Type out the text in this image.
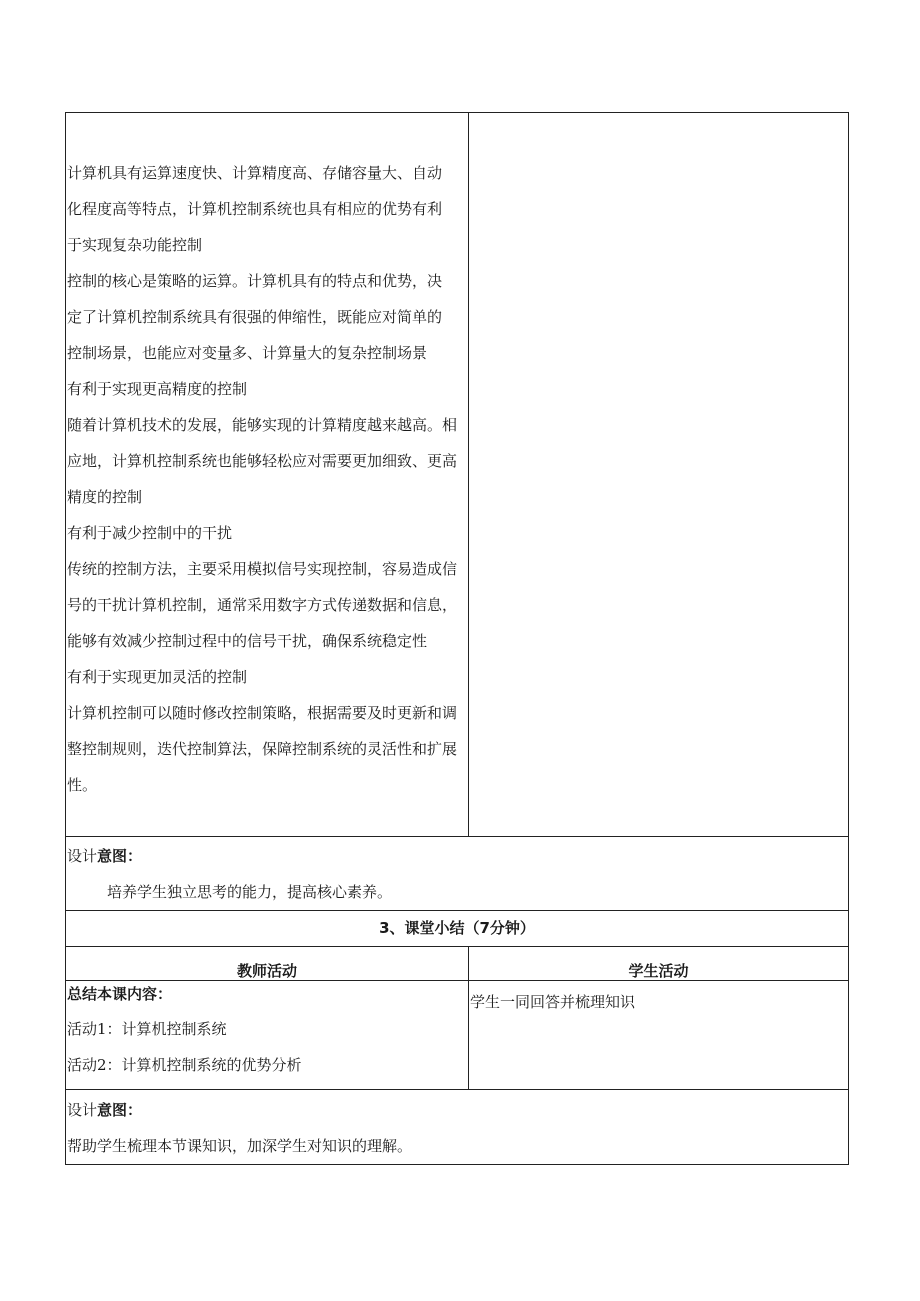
计算机具有运算速度快、计算精度高、存储容量大、自动
化程度高等特点，计算机控制系统也具有相应的优势有利
于实现复杂功能控制
控制的核心是策略的运算。计算机具有的特点和优势，决
定了计算机控制系统具有很强的伸缩性，既能应对简单的
控制场景，也能应对变量多、计算量大的复杂控制场景
有利于实现更高精度的控制
随着计算机技术的发展，能够实现的计算精度越来越高。相
应地，计算机控制系统也能够轻松应对需要更加细致、更高
精度的控制
有利于减少控制中的干扰
传统的控制方法，主要采用模拟信号实现控制，容易造成信
号的干扰计算机控制，通常采用数字方式传递数据和信息，
能够有效减少控制过程中的信号干扰，确保系统稳定性
有利于实现更加灵活的控制
计算机控制可以随时修改控制策略，根据需要及时更新和调
整控制规则，迭代控制算法，保障控制系统的灵活性和扩展
性。
设计意图：
培养学生独立思考的能力，提高核心素养。
3、课堂小结（7分钟）
教师活动	学生活动
总结本课内容：
活动1：计算机控制系统
活动2：计算机控制系统的优势分析
学生一同回答并梳理知识
设计意图：
帮助学生梳理本节课知识，加深学生对知识的理解。
